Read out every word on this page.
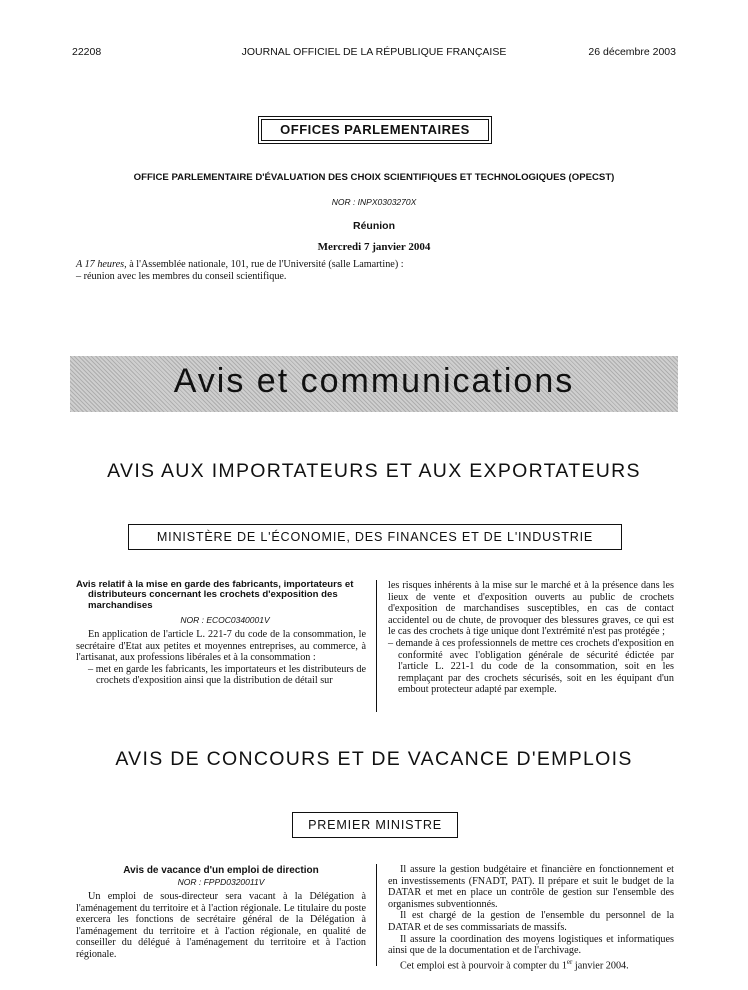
22208	JOURNAL OFFICIEL DE LA RÉPUBLIQUE FRANÇAISE	26 décembre 2003
OFFICES PARLEMENTAIRES
OFFICE PARLEMENTAIRE D'ÉVALUATION DES CHOIX SCIENTIFIQUES ET TECHNOLOGIQUES (OPECST)
NOR : INPX0303270X
Réunion
Mercredi 7 janvier 2004
A 17 heures, à l'Assemblée nationale, 101, rue de l'Université (salle Lamartine) :
– réunion avec les membres du conseil scientifique.
Avis et communications
AVIS AUX IMPORTATEURS ET AUX EXPORTATEURS
MINISTÈRE DE L'ÉCONOMIE, DES FINANCES ET DE L'INDUSTRIE
Avis relatif à la mise en garde des fabricants, importateurs et distributeurs concernant les crochets d'exposition des marchandises
NOR : ECOC0340001V

En application de l'article L. 221-7 du code de la consommation, le secrétaire d'Etat aux petites et moyennes entreprises, au commerce, à l'artisanat, aux professions libérales et à la consommation :

– met en garde les fabricants, les importateurs et les distributeurs de crochets d'exposition ainsi que la distribution de détail sur

les risques inhérents à la mise sur le marché et à la présence dans les lieux de vente et d'exposition ouverts au public de crochets d'exposition de marchandises susceptibles, en cas de contact accidentel ou de chute, de provoquer des blessures graves, ce qui est le cas des crochets à tige unique dont l'extrémité n'est pas protégée ;

– demande à ces professionnels de mettre ces crochets d'exposition en conformité avec l'obligation générale de sécurité édictée par l'article L. 221-1 du code de la consommation, soit en les remplaçant par des crochets sécurisés, soit en les équipant d'un embout protecteur adapté par exemple.

AVIS DE CONCOURS ET DE VACANCE D'EMPLOIS
PREMIER MINISTRE
Avis de vacance d'un emploi de direction
NOR : FPPD0320011V

Un emploi de sous-directeur sera vacant à la Délégation à l'aménagement du territoire et à l'action régionale. Le titulaire du poste exercera les fonctions de secrétaire général de la Délégation à l'aménagement du territoire et à l'action régionale, en qualité de conseiller du délégué à l'aménagement du territoire et à l'action régionale.

Il assure la gestion budgétaire et financière en fonctionnement et en investissements (FNADT, PAT). Il prépare et suit le budget de la DATAR et met en place un contrôle de gestion sur l'ensemble des organismes subventionnés.

Il est chargé de la gestion de l'ensemble du personnel de la DATAR et de ses commissariats de massifs.

Il assure la coordination des moyens logistiques et informatiques ainsi que de la documentation et de l'archivage.

Cet emploi est à pourvoir à compter du 1er janvier 2004.
